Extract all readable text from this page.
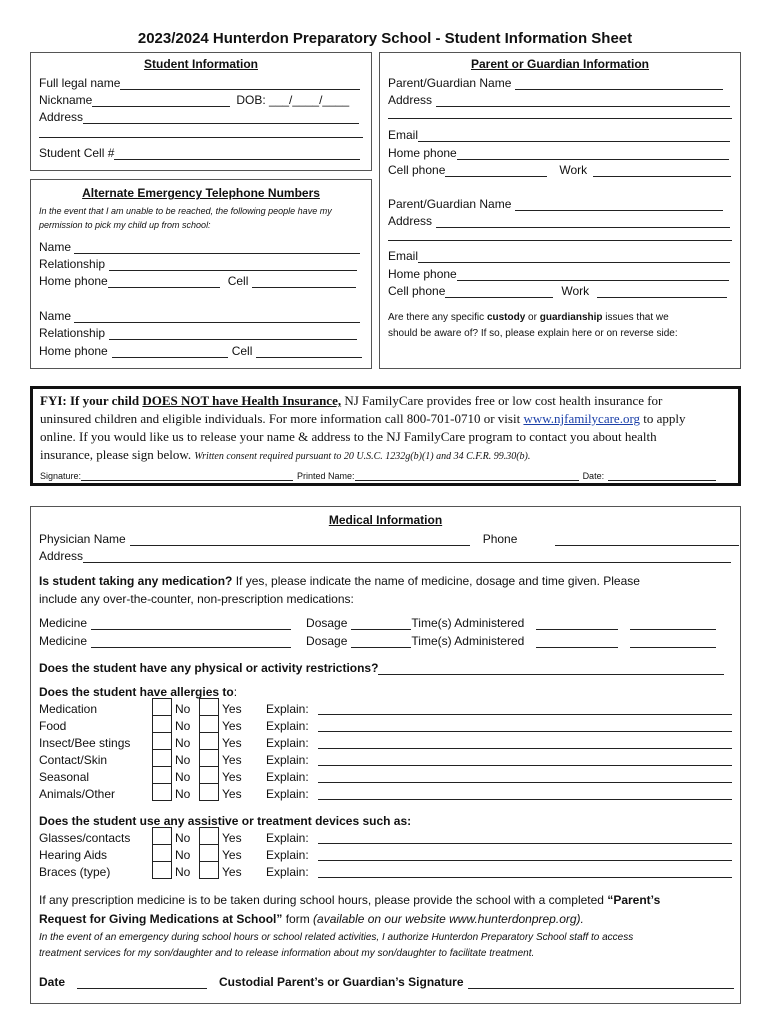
2023/2024 Hunterdon Preparatory School - Student Information Sheet
Student Information
Full legal name
Nickname	DOB: ___/____/____
Address
Student Cell #
Alternate Emergency Telephone Numbers
In the event that I am unable to be reached, the following people have my permission to pick my child up from school:
Name
Relationship
Home phone	Cell
Name
Relationship
Home phone	Cell
Parent or Guardian Information
Parent/Guardian Name
Address
Email
Home phone
Cell phone	Work
Parent/Guardian Name
Address
Email
Home phone
Cell phone	Work
Are there any specific custody or guardianship issues that we
should be aware of? If so, please explain here or on reverse side:
FYI: If your child DOES NOT have Health Insurance, NJ FamilyCare provides free or low cost health insurance for
uninsured children and eligible individuals. For more information call 800-701-0710 or visit www.njfamilycare.org to apply
online. If you would like us to release your name & address to the NJ FamilyCare program to contact you about health
insurance, please sign below. Written consent required pursuant to 20 U.S.C. 1232g(b)(1) and 34 C.F.R. 99.30(b).
Signature:	Printed Name:	Date:
Medical Information
Physician Name	Phone
Address
Is student taking any medication? If yes, please indicate the name of medicine, dosage and time given. Please
include any over-the-counter, non-prescription medications:
Medicine	Dosage	Time(s) Administered
Medicine	Dosage	Time(s) Administered
Does the student have any physical or activity restrictions?
Does the student have allergies to :
Medication	No	Yes Explain:
Food	No	Yes Explain:
Insect/Bee stings	No	Yes Explain:
Contact/Skin	No	Yes Explain:
Seasonal	No	Yes Explain:
Animals/Other	No	Yes Explain:
Does the student use any assistive or treatment devices such as:
Glasses/contacts	No	Yes Explain:
Hearing Aids	No	Yes Explain:
Braces (type)	No	Yes Explain:
If any prescription medicine is to be taken during school hours, please provide the school with a completed “Parent’s
Request for Giving Medications at School” form (available on our website www.hunterdonprep.org).
In the event of an emergency during school hours or school related activities, I authorize Hunterdon Preparatory School staff to access
treatment services for my son/daughter and to release information about my son/daughter to facilitate treatment.
Date	Custodial Parent’s or Guardian’s Signature
